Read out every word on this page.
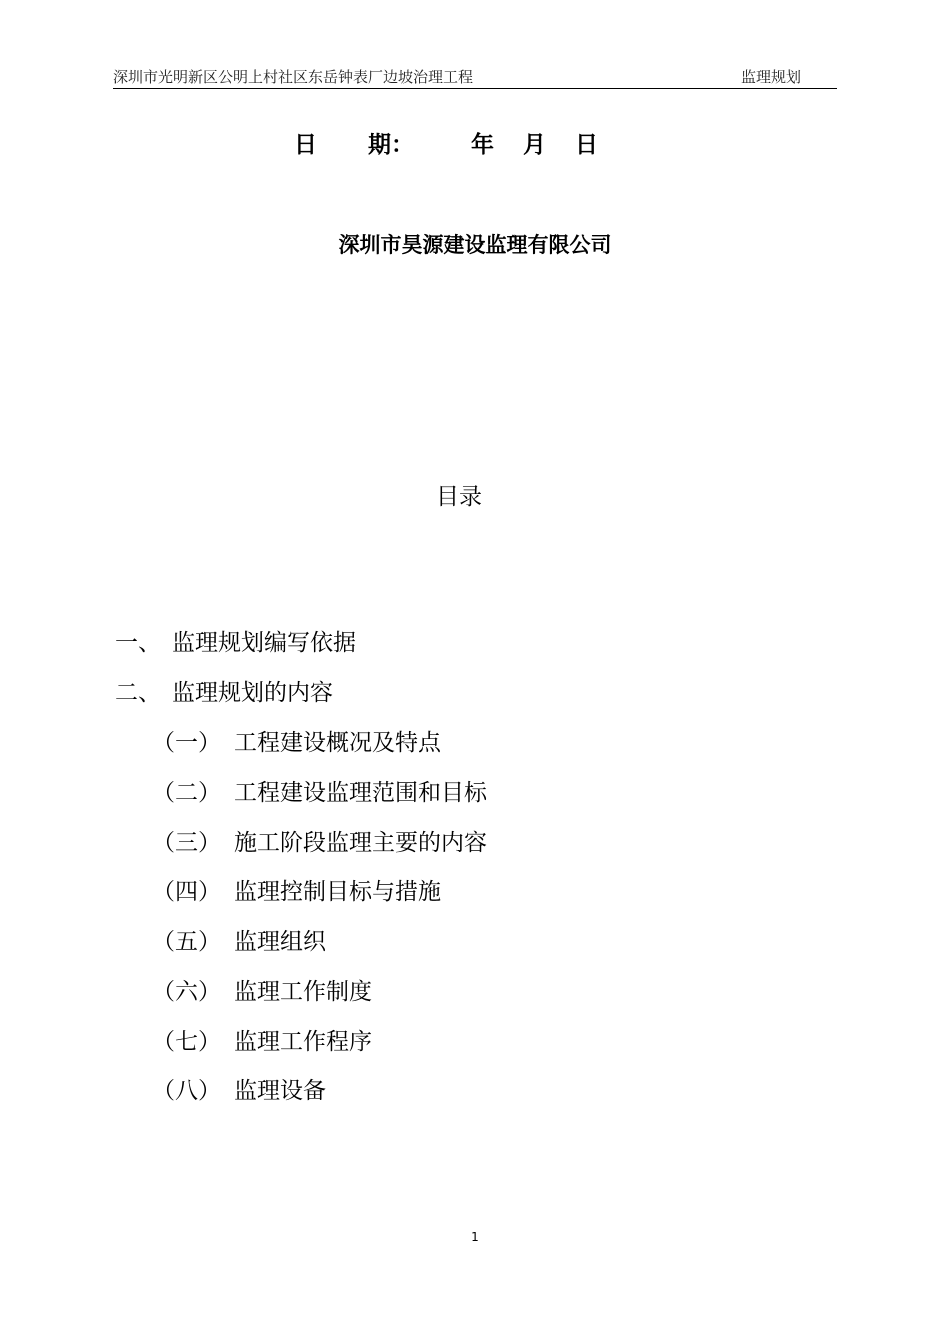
深圳市光明新区公明上村社区东岳钟表厂边坡治理工程	监理规划
日 期： 年 月 日
深圳市昊源建设监理有限公司
目录
一、 监理规划编写依据
二、 监理规划的内容
（一） 工程建设概况及特点
（二） 工程建设监理范围和目标
（三） 施工阶段监理主要的内容
（四） 监理控制目标与措施
（五） 监理组织
（六） 监理工作制度
（七） 监理工作程序
（八） 监理设备
1
